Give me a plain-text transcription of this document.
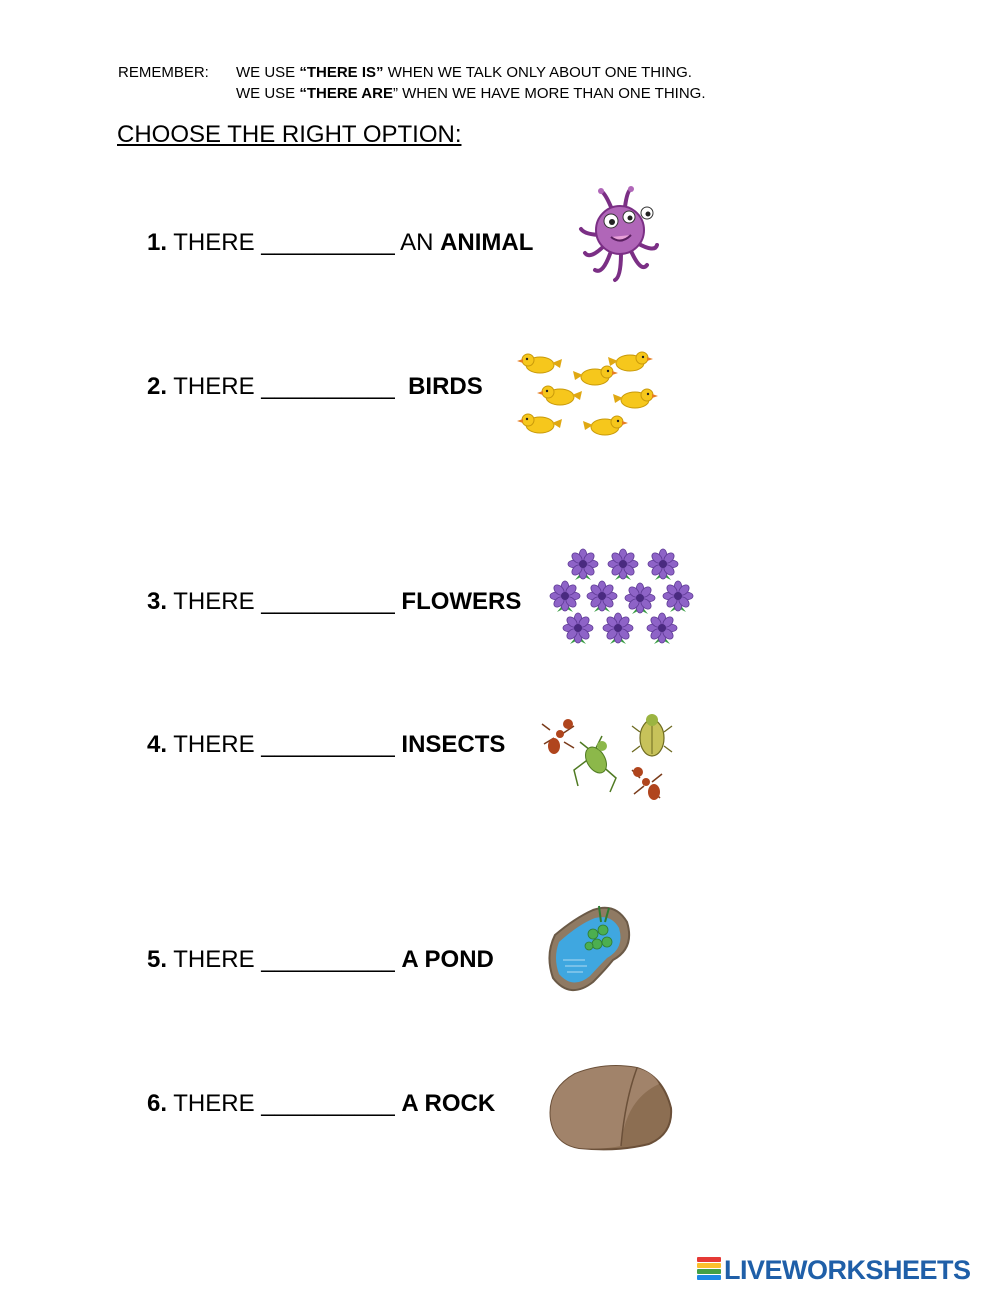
REMEMBER: WE USE “THERE IS” WHEN WE TALK ONLY ABOUT ONE THING.
WE USE “THERE ARE” WHEN WE HAVE MORE THAN ONE THING.
CHOOSE THE RIGHT OPTION:
1. THERE __________ AN ANIMAL
2. THERE __________  BIRDS
3. THERE __________ FLOWERS
4. THERE __________ INSECTS
5. THERE __________ A POND
6. THERE __________ A ROCK
LIVEWORKSHEETS
